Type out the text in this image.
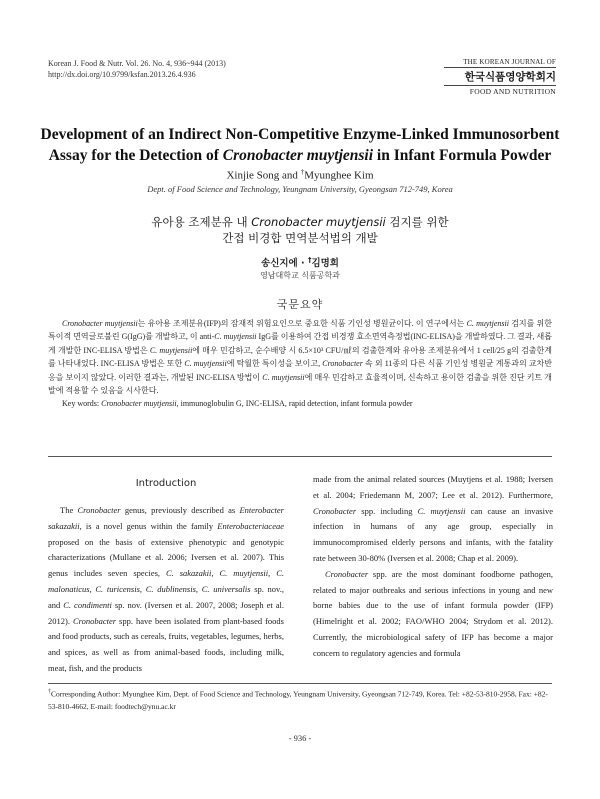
Korean J. Food & Nutr. Vol. 26. No. 4, 936~944 (2013)
http://dx.doi.org/10.9799/ksfan.2013.26.4.936
THE KOREAN JOURNAL OF
한국식품영양학회지
FOOD AND NUTRITION
Development of an Indirect Non-Competitive Enzyme-Linked Immunosorbent Assay for the Detection of Cronobacter muytjensii in Infant Formula Powder
Xinjie Song and †Myunghee Kim
Dept. of Food Science and Technology, Yeungnam University, Gyeongsan 712-749, Korea
유아용 조제분유 내 Cronobacter muytjensii 검지를 위한
간접 비경합 면역분석법의 개발
송신지에 · †김명희
영남대학교 식품공학과
국문요약

Cronobacter muytjensii는 유아용 조제분유(IFP)의 잠재적 위험요인으로 중요한 식품 기인성 병원균이다. 이 연구에서는 C. muytjensii 검지를 위한 특이적 면역글로불린 G(IgG)를 개발하고, 이 anti-C. muytjensii IgG를 이용하여 간접 비경쟁 효소면역측정법(INC-ELISA)을 개발하였다. 그 결과, 새롭게 개발한 INC-ELISA 방법은 C. muytjensii에 매우 민감하고, 순수배양 시 6.5×10³ CFU/㎖의 검출한계와 유아용 조제분유에서 1 cell/25 g의 검출한계를 나타내었다. INC-ELISA 방법은 또한 C. muytjensii에 탁월한 특이성을 보이고, Cronobacter 속 외 11종의 다른 식품 기인성 병원균 계통과의 교차반응을 보이지 않았다. 이러한 결과는, 개발된 INC-ELISA 방법이 C. muytjensii에 매우 민감하고 효율적이며, 신속하고 용이한 검출을 위한 진단 키트 개발에 적용할 수 있음을 시사한다.

Key words: Cronobacter muytjensii, immunoglobulin G, INC-ELISA, rapid detection, infant formula powder

Introduction

The Cronobacter genus, previously described as Enterobacter sakazakii, is a novel genus within the family Enterobacteriaceae proposed on the basis of extensive phenotypic and genotypic characterizations (Mullane et al. 2006; Iversen et al. 2007). This genus includes seven species, C. sakazakii, C. muytjensii, C. malonaticus, C. turicensis, C. dublinensis, C. universalis sp. nov., and C. condimenti sp. nov. (Iversen et al. 2007, 2008; Joseph et al. 2012). Cronobacter spp. have been isolated from plant-based foods and food products, such as cereals, fruits, vegetables, legumes, herbs, and spices, as well as from animal-based foods, including milk, meat, fish, and the products

made from the animal related sources (Muytjens et al. 1988; Iversen et al. 2004; Friedemann M, 2007; Lee et al. 2012). Furthermore, Cronobacter spp. including C. muytjensii can cause an invasive infection in humans of any age group, especially in immunocompromised elderly persons and infants, with the fatality rate between 30-80% (Iversen et al. 2008; Chap et al. 2009).

Cronobacter spp. are the most dominant foodborne pathogen, related to major outbreaks and serious infections in young and new borne babies due to the use of infant formula powder (IFP) (Himelright et al. 2002; FAO/WHO 2004; Strydom et al. 2012). Currently, the microbiological safety of IFP has become a major concern to regulatory agencies and formula

†Corresponding Author: Myunghee Kim, Dept. of Food Science and Technology, Yeungnam University, Gyeongsan 712-749, Korea. Tel: +82-53-810-2958, Fax: +82-53-810-4662, E-mail: foodtech@ynu.ac.kr
- 936 -
